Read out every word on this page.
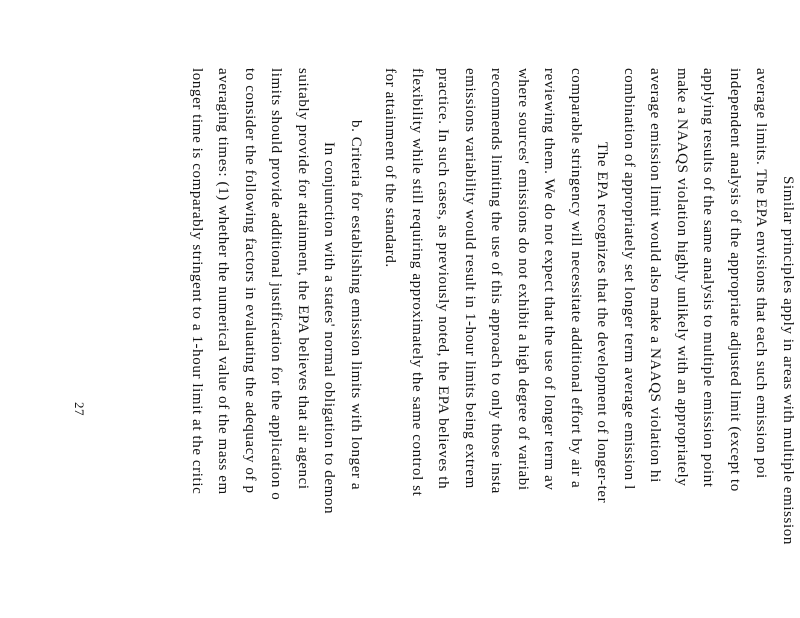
Similar principles apply in areas with multiple emission
average limits. The EPA envisions that each such emission poi
independent analysis of the appropriate adjusted limit (except to
applying results of the same analysis to multiple emission point
make a NAAQS violation highly unlikely with an appropriately
average emission limit would also make a NAAQS violation hi
combination of appropriately set longer term average emission l
The EPA recognizes that the development of longer-ter
comparable stringency will necessitate additional effort by air a
reviewing them. We do not expect that the use of longer term av
where sources' emissions do not exhibit a high degree of variabi
recommends limiting the use of this approach to only those insta
emissions variability would result in 1-hour limits being extrem
practice. In such cases, as previously noted, the EPA believes th
flexibility while still requiring approximately the same control st
for attainment of the standard.
b. Criteria for establishing emission limits with longer a
In conjunction with a states' normal obligation to demon
suitably provide for attainment, the EPA believes that air agenci
limits should provide additional justification for the application o
to consider the following factors in evaluating the adequacy of p
averaging times: (1) whether the numerical value of the mass em
longer time is comparably stringent to a 1-hour limit at the critic
27
